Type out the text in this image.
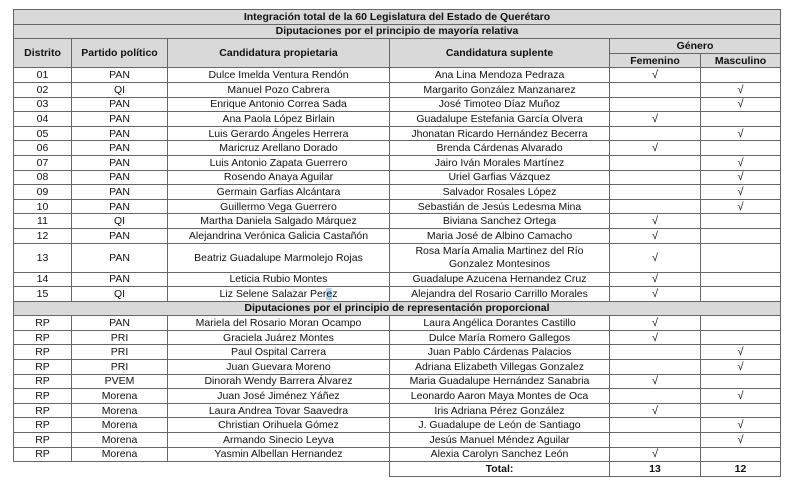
Integración total de la 60 Legislatura del Estado de Querétaro					
Diputaciones por el principio de mayoría relativa					
Distrito	Partido político	Candidatura propietaria	Candidatura suplente	Género	
				Femenino	Masculino
01	PAN	Dulce Imelda Ventura Rendón	Ana Lina Mendoza Pedraza	√	
02	QI	Manuel Pozo Cabrera	Margarito González Manzanarez		√
03	PAN	Enrique Antonio Correa Sada	José Timoteo Díaz Muñoz		√
04	PAN	Ana Paola López Birlain	Guadalupe Estefania García Olvera	√	
05	PAN	Luis Gerardo Ángeles Herrera	Jhonatan Ricardo Hernández Becerra		√
06	PAN	Maricruz Arellano Dorado	Brenda Cárdenas Alvarado	√	
07	PAN	Luis Antonio Zapata Guerrero	Jairo Iván Morales Martínez		√
08	PAN	Rosendo Anaya Aguilar	Uriel Garfias Vázquez		√
09	PAN	Germain Garfias Alcántara	Salvador Rosales López		√
10	PAN	Guillermo Vega Guerrero	Sebastián de Jesús Ledesma Mina		√
11	QI	Martha Daniela Salgado Márquez	Biviana Sanchez Ortega	√	
12	PAN	Alejandrina Verónica Galicia Castañón	Maria José de Albino Camacho	√	
13	PAN	Beatriz Guadalupe Marmolejo Rojas	Rosa María Amalia Martinez del Río Gonzalez Montesinos	√	
14	PAN	Leticia Rubio Montes	Guadalupe Azucena Hernandez Cruz	√	
15	QI	Liz Selene Salazar Perez	Alejandra del Rosario Carrillo Morales	√	
Diputaciones por el principio de representación proporcional					
RP	PAN	Mariela del Rosario Moran Ocampo	Laura Angélica Dorantes Castillo	√	
RP	PRI	Graciela Juárez Montes	Dulce María Romero Gallegos	√	
RP	PRI	Paul Ospital Carrera	Juan Pablo Cárdenas Palacios		√
RP	PRI	Juan Guevara Moreno	Adriana Elizabeth Villegas Gonzalez		√
RP	PVEM	Dinorah Wendy Barrera Álvarez	Maria Guadalupe Hernández Sanabria	√	
RP	Morena	Juan José Jiménez Yáñez	Leonardo Aaron Maya Montes de Oca		√
RP	Morena	Laura Andrea Tovar Saavedra	Iris Adriana Pérez González	√	
RP	Morena	Christian Orihuela Gómez	J. Guadalupe de León de Santiago		√
RP	Morena	Armando Sinecio Leyva	Jesús Manuel Méndez Aguilar		√
RP	Morena	Yasmin Albellan Hernandez	Alexia Carolyn Sanchez León	√	
			Total:	13	12
